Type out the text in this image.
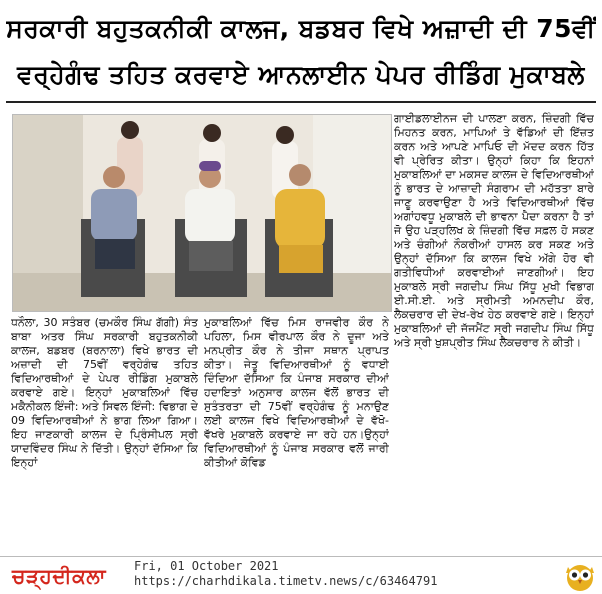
ਸਰਕਾਰੀ ਬਹੁਤਕਨੀਕੀ ਕਾਲਜ, ਬਡਬਰ ਵਿਖੇ ਅਜ਼ਾਦੀ ਦੀ 75ਵੀਂ
ਵਰ੍ਹੇਗੰਢ ਤਹਿਤ ਕਰਵਾਏ ਆਨਲਾਈਨ ਪੇਪਰ ਰੀਡਿੰਗ ਮੁਕਾਬਲੇ

ਧਨੌਲਾ, 30 ਸਤੰਬਰ (ਚਮਕੌਰ ਸਿੰਘ ਗੱਗੀ) ਸੰਤ ਬਾਬਾ ਅਤਰ ਸਿੰਘ ਸਰਕਾਰੀ ਬਹੁਤਕਨੀਕੀ ਕਾਲਜ, ਬਡਬਰ (ਬਰਨਾਲਾ) ਵਿਖੇ ਭਾਰਤ ਦੀ ਅਜ਼ਾਦੀ ਦੀ 75ਵੀਂ ਵਰ੍ਹੇਗੰਢ ਤਹਿਤ ਵਿਦਿਆਰਥੀਆਂ ਦੇ ਪੇਪਰ ਰੀਡਿੰਗ ਮੁਕਾਬਲੇ ਕਰਵਾਏ ਗਏ। ਇਨ੍ਹਾਂ ਮੁਕਾਬਲਿਆਂ ਵਿੱਚ ਮਕੈਨੀਕਲ ਇੰਜੀ: ਅਤੇ ਸਿਵਲ ਇੰਜੀ: ਵਿਭਾਗ ਦੇ 09 ਵਿਦਿਆਰਥੀਆਂ ਨੇ ਭਾਗ ਲਿਆ ਗਿਆ। ਇਹ ਜਾਣਕਾਰੀ ਕਾਲਜ ਦੇ ਪ੍ਰਿੰਸੀਪਲ ਸ੍ਰੀ ਯਾਦਵਿੰਦਰ ਸਿੰਘ ਨੇ ਦਿੱਤੀ। ਉਨ੍ਹਾਂ ਦੱਸਿਆ ਕਿ ਇਨ੍ਹਾਂ

ਮੁਕਾਬਲਿਆਂ ਵਿੱਚ ਮਿਸ ਰਾਜਵੀਰ ਕੌਰ ਨੇ ਪਹਿਲਾ, ਮਿਸ ਵੀਰਪਾਲ ਕੌਰ ਨੇ ਦੂਜਾ ਅਤੇ ਮਨਪ੍ਰੀਤ ਕੌਰ ਨੇ ਤੀਜਾ ਸਥਾਨ ਪ੍ਰਾਪਤ ਕੀਤਾ। ਜੇਤੂ ਵਿਦਿਆਰਥੀਆਂ ਨੂੰ ਵਧਾਈ ਦਿੰਦਿਆ ਦੱਸਿਆ ਕਿ ਪੰਜਾਬ ਸਰਕਾਰ ਦੀਆਂ ਹਦਾਇਤਾਂ ਅਨੁਸਾਰ ਕਾਲਜ ਵੱਲੋਂ ਭਾਰਤ ਦੀ ਸੁਤੰਤਰਤਾ ਦੀ 75ਵੀਂ ਵਰ੍ਹੇਗੰਢ ਨੂੰ ਮਨਾਉਣ ਲਈ ਕਾਲਜ ਵਿਖੇ ਵਿਦਿਆਰਥੀਆਂ ਦੇ ਵੱਖੋ-ਵੱਖਰੇ ਮੁਕਾਬਲੇ ਕਰਵਾਏ ਜਾ ਰਹੇ ਹਨ।ਉਨ੍ਹਾਂ ਵਿਦਿਆਰਥੀਆਂ ਨੂੰ ਪੰਜਾਬ ਸਰਕਾਰ ਵਲੋਂ ਜਾਰੀ ਕੀਤੀਆਂ ਕੋਵਿਡ

ਗਾਈਡਲਾਈਨਜ ਦੀ ਪਾਲਣਾ ਕਰਨ, ਜ਼ਿੰਦਗੀ ਵਿੱਚ ਮਿਹਨਤ ਕਰਨ, ਮਾਪਿਆਂ ਤੇ ਵੱਡਿਆਂ ਦੀ ਇੱਜ਼ਤ ਕਰਨ ਅਤੇ ਆਪਣੇ ਮਾਪਿਓ ਦੀ ਮੱਦਦ ਕਰਨ ਹਿੱਤ ਵੀ ਪ੍ਰੇਰਿਤ ਕੀਤਾ। ਉਨ੍ਹਾਂ ਕਿਹਾ ਕਿ ਇਹਨਾਂ ਮੁਕਾਬਲਿਆਂ ਦਾ ਮਕਸਦ ਕਾਲਜ ਦੇ ਵਿਦਿਆਰਥੀਆਂ ਨੂੰ ਭਾਰਤ ਦੇ ਆਜ਼ਾਦੀ ਸੰਗਰਾਮ ਦੀ ਮਹੱਤਤਾ ਬਾਰੇ ਜਾਣੂ ਕਰਵਾਉਣਾ ਹੈ ਅਤੇ ਵਿਦਿਆਰਥੀਆਂ ਵਿੱਚ ਅਗਾਂਹਵਧੂ ਮੁਕਾਬਲੇ ਦੀ ਭਾਵਨਾ ਪੈਦਾ ਕਰਨਾ ਹੈ ਤਾਂ ਜੋ ਉਹ ਪੜ੍ਹਲਿਖ ਕੇ ਜ਼ਿੰਦਗੀ ਵਿੱਚ ਸਫ਼ਲ ਹੋ ਸਕਣ ਅਤੇ ਚੰਗੀਆਂ ਨੌਕਰੀਆਂ ਹਾਸਲ ਕਰ ਸਕਣ ਅਤੇ ਉਨ੍ਹਾਂ ਦੱਸਿਆ ਕਿ ਕਾਲਜ ਵਿਖੇ ਅੱਗੇ ਹੋਰ ਵੀ ਗਤੀਵਿਧੀਆਂ ਕਰਵਾਈਆਂ ਜਾਣਗੀਆਂ। ਇਹ ਮੁਕਾਬਲੇ ਸ੍ਰੀ ਜਗਦੀਪ ਸਿੰਘ ਸਿੱਧੂ ਮੁਖੀ ਵਿਭਾਗ ਈ.ਸੀ.ਈ. ਅਤੇ ਸ੍ਰੀਮਤੀ ਅਮਨਦੀਪ ਕੌਰ, ਲੈਕਚਰਾਰ ਦੀ ਦੇਖ-ਰੇਖ ਹੇਠ ਕਰਵਾਏ ਗਏ। ਇਨ੍ਹਾਂ ਮੁਕਾਬਲਿਆਂ ਦੀ ਜੱਜਮੈਂਟ ਸ੍ਰੀ ਜਗਦੀਪ ਸਿੰਘ ਸਿੱਧੂ ਅਤੇ ਸ੍ਰੀ ਖੁਸ਼ਪ੍ਰੀਤ ਸਿੰਘ ਲੈਕਚਰਾਰ ਨੇ ਕੀਤੀ।

ਚੜ੍ਹਦੀਕਲਾ Fri, 01 October 2021
https://charhdikala.timetv.news/c/63464791
